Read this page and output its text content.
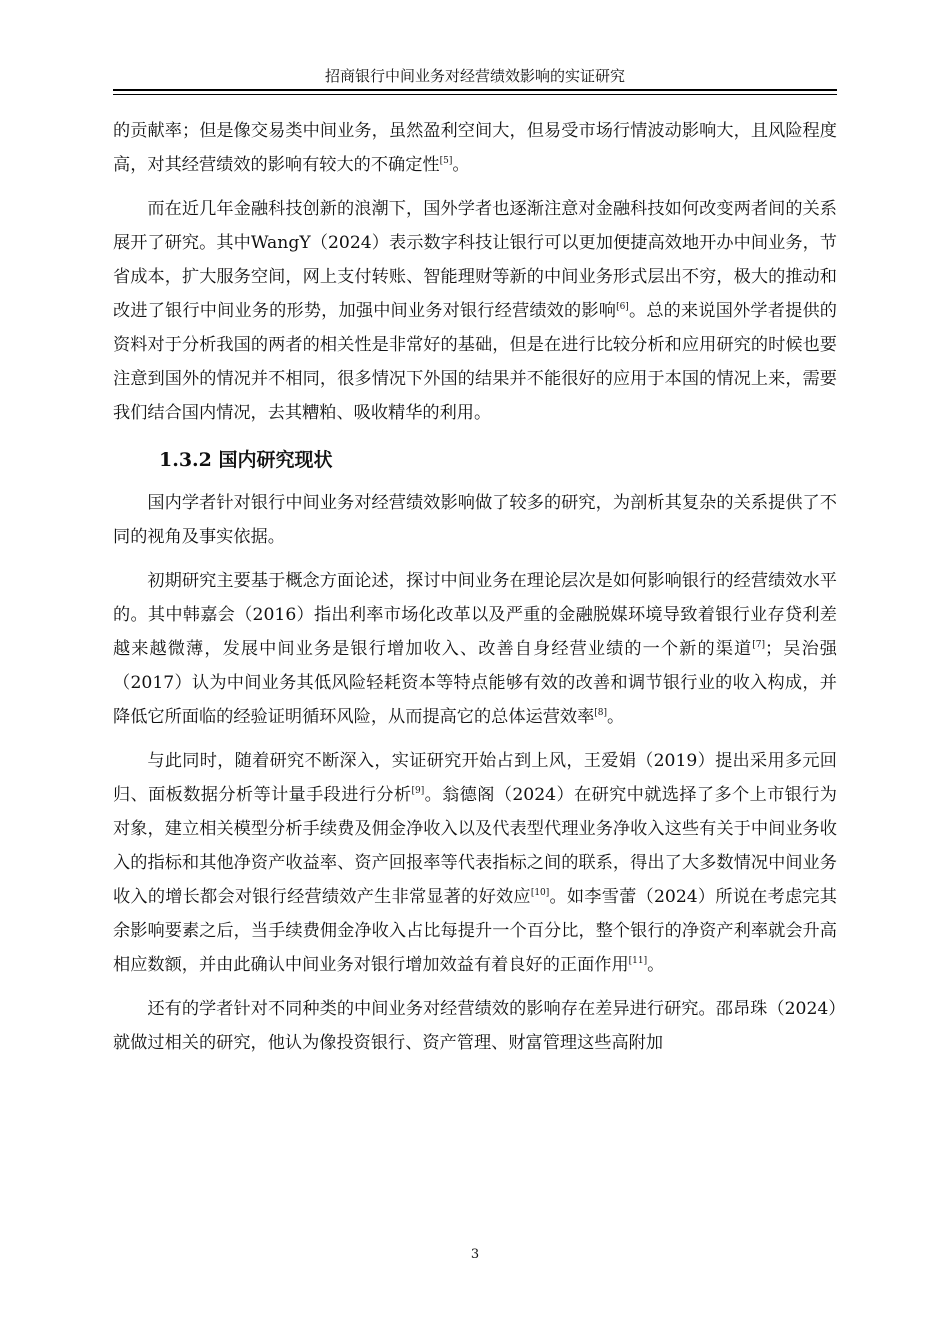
招商银行中间业务对经营绩效影响的实证研究

的贡献率；但是像交易类中间业务，虽然盈利空间大，但易受市场行情波动影响大，且风险程度高，对其经营绩效的影响有较大的不确定性[5]。

而在近几年金融科技创新的浪潮下，国外学者也逐渐注意对金融科技如何改变两者间的关系展开了研究。其中WangY（2024）表示数字科技让银行可以更加便捷高效地开办中间业务，节省成本，扩大服务空间，网上支付转账、智能理财等新的中间业务形式层出不穷，极大的推动和改进了银行中间业务的形势，加强中间业务对银行经营绩效的影响[6]。总的来说国外学者提供的资料对于分析我国的两者的相关性是非常好的基础，但是在进行比较分析和应用研究的时候也要注意到国外的情况并不相同，很多情况下外国的结果并不能很好的应用于本国的情况上来，需要我们结合国内情况，去其糟粕、吸收精华的利用。

1.3.2 国内研究现状

国内学者针对银行中间业务对经营绩效影响做了较多的研究，为剖析其复杂的关系提供了不同的视角及事实依据。

初期研究主要基于概念方面论述，探讨中间业务在理论层次是如何影响银行的经营绩效水平的。其中韩嘉会（2016）指出利率市场化改革以及严重的金融脱媒环境导致着银行业存贷利差越来越微薄，发展中间业务是银行增加收入、改善自身经营业绩的一个新的渠道[7]；吴治强（2017）认为中间业务其低风险轻耗资本等特点能够有效的改善和调节银行业的收入构成，并降低它所面临的经验证明循环风险，从而提高它的总体运营效率[8]。

与此同时，随着研究不断深入，实证研究开始占到上风，王爱娟（2019）提出采用多元回归、面板数据分析等计量手段进行分析[9]。翁德阁（2024）在研究中就选择了多个上市银行为对象，建立相关模型分析手续费及佣金净收入以及代表型代理业务净收入这些有关于中间业务收入的指标和其他净资产收益率、资产回报率等代表指标之间的联系，得出了大多数情况中间业务收入的增长都会对银行经营绩效产生非常显著的好效应[10]。如李雪蕾（2024）所说在考虑完其余影响要素之后，当手续费佣金净收入占比每提升一个百分比，整个银行的净资产利率就会升高相应数额，并由此确认中间业务对银行增加效益有着良好的正面作用[11]。

还有的学者针对不同种类的中间业务对经营绩效的影响存在差异进行研究。邵昂珠（2024）就做过相关的研究，他认为像投资银行、资产管理、财富管理这些高附加

3
